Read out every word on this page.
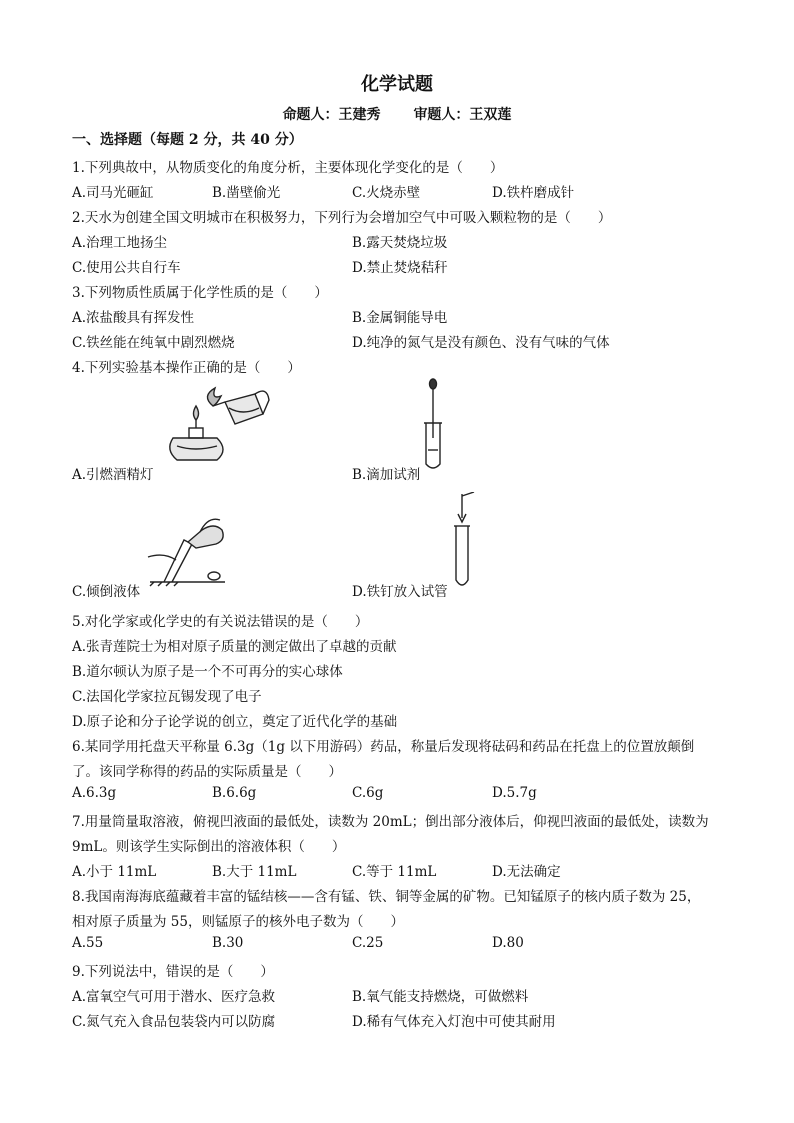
化学试题
命题人：王建秀 审题人：王双莲
一、选择题（每题 2 分，共 40 分）
1.下列典故中，从物质变化的角度分析，主要体现化学变化的是（　　）
A.司马光砸缸	B.凿壁偷光	C.火烧赤壁	D.铁杵磨成针
2.天水为创建全国文明城市在积极努力，下列行为会增加空气中可吸入颗粒物的是（　　）
A.治理工地扬尘	B.露天焚烧垃圾
C.使用公共自行车	D.禁止焚烧秸秆
3.下列物质性质属于化学性质的是（　　）
A.浓盐酸具有挥发性	B.金属铜能导电
C.铁丝能在纯氧中剧烈燃烧	D.纯净的氮气是没有颜色、没有气味的气体
4.下列实验基本操作正确的是（　　）
A.引燃酒精灯	B.滴加试剂
C.倾倒液体	D.铁钉放入试管
5.对化学家或化学史的有关说法错误的是（　　）
A.张青莲院士为相对原子质量的测定做出了卓越的贡献
B.道尔顿认为原子是一个不可再分的实心球体
C.法国化学家拉瓦锡发现了电子
D.原子论和分子论学说的创立，奠定了近代化学的基础
6.某同学用托盘天平称量 6.3g（1g 以下用游码）药品，称量后发现将砝码和药品在托盘上的位置放颠倒
了。该同学称得的药品的实际质量是（　　）
A.6.3g	B.6.6g	C.6g	D.5.7g
7.用量筒量取溶液，俯视凹液面的最低处，读数为 20mL；倒出部分液体后，仰视凹液面的最低处，读数为
9mL。则该学生实际倒出的溶液体积（　　）
A.小于 11mL	B.大于 11mL	C.等于 11mL	D.无法确定
8.我国南海海底蕴藏着丰富的锰结核——含有锰、铁、铜等金属的矿物。已知锰原子的核内质子数为 25，
相对原子质量为 55，则锰原子的核外电子数为（　　）
A.55	B.30	C.25	D.80
9.下列说法中，错误的是（　　）
A.富氧空气可用于潜水、医疗急救	B.氧气能支持燃烧，可做燃料
C.氮气充入食品包装袋内可以防腐	D.稀有气体充入灯泡中可使其耐用
